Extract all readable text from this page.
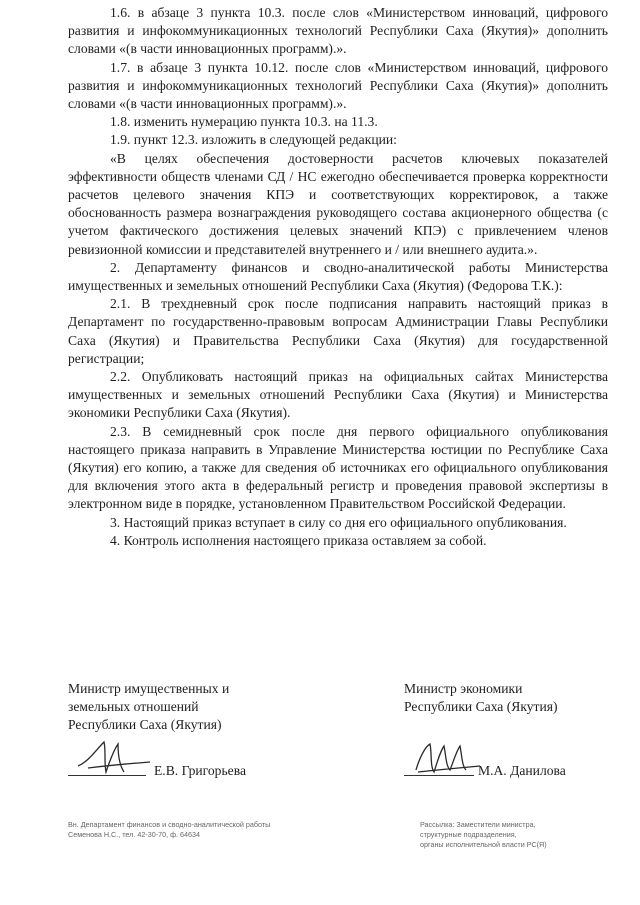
1.6. в абзаце 3 пункта 10.3. после слов «Министерством инноваций, цифрового развития и инфокоммуникационных технологий Республики Саха (Якутия)» дополнить словами «(в части инновационных программ).».

1.7. в абзаце 3 пункта 10.12. после слов «Министерством инноваций, цифрового развития и инфокоммуникационных технологий Республики Саха (Якутия)» дополнить словами «(в части инновационных программ).».

1.8. изменить нумерацию пункта 10.3. на 11.3.

1.9. пункт 12.3. изложить в следующей редакции:

«В целях обеспечения достоверности расчетов ключевых показателей эффективности обществ членами СД / НС ежегодно обеспечивается проверка корректности расчетов целевого значения КПЭ и соответствующих корректировок, а также обоснованность размера вознаграждения руководящего состава акционерного общества (с учетом фактического достижения целевых значений КПЭ) с привлечением членов ревизионной комиссии и представителей внутреннего и / или внешнего аудита.».

2. Департаменту финансов и сводно-аналитической работы Министерства имущественных и земельных отношений Республики Саха (Якутия) (Федорова Т.К.):

2.1. В трехдневный срок после подписания направить настоящий приказ в Департамент по государственно-правовым вопросам Администрации Главы Республики Саха (Якутия) и Правительства Республики Саха (Якутия) для государственной регистрации;

2.2. Опубликовать настоящий приказ на официальных сайтах Министерства имущественных и земельных отношений Республики Саха (Якутия) и Министерства экономики Республики Саха (Якутия).

2.3. В семидневный срок после дня первого официального опубликования настоящего приказа направить в Управление Министерства юстиции по Республике Саха (Якутия) его копию, а также для сведения об источниках его официального опубликования для включения этого акта в федеральный регистр и проведения правовой экспертизы в электронном виде в порядке, установленном Правительством Российской Федерации.

3. Настоящий приказ вступает в силу со дня его официального опубликования.

4. Контроль исполнения настоящего приказа оставляем за собой.

Министр имущественных и
земельных отношений
Республики Саха (Якутия)
Е.В. Григорьева
Министр экономики
Республики Саха (Якутия)
М.А. Данилова
Вн. Департамент финансов и сводно-аналитической работы
Семенова Н.С., тел. 42-30-70, ф. 64634
Рассылка: Заместители министра,
структурные подразделения,
органы исполнительной власти РС(Я)
